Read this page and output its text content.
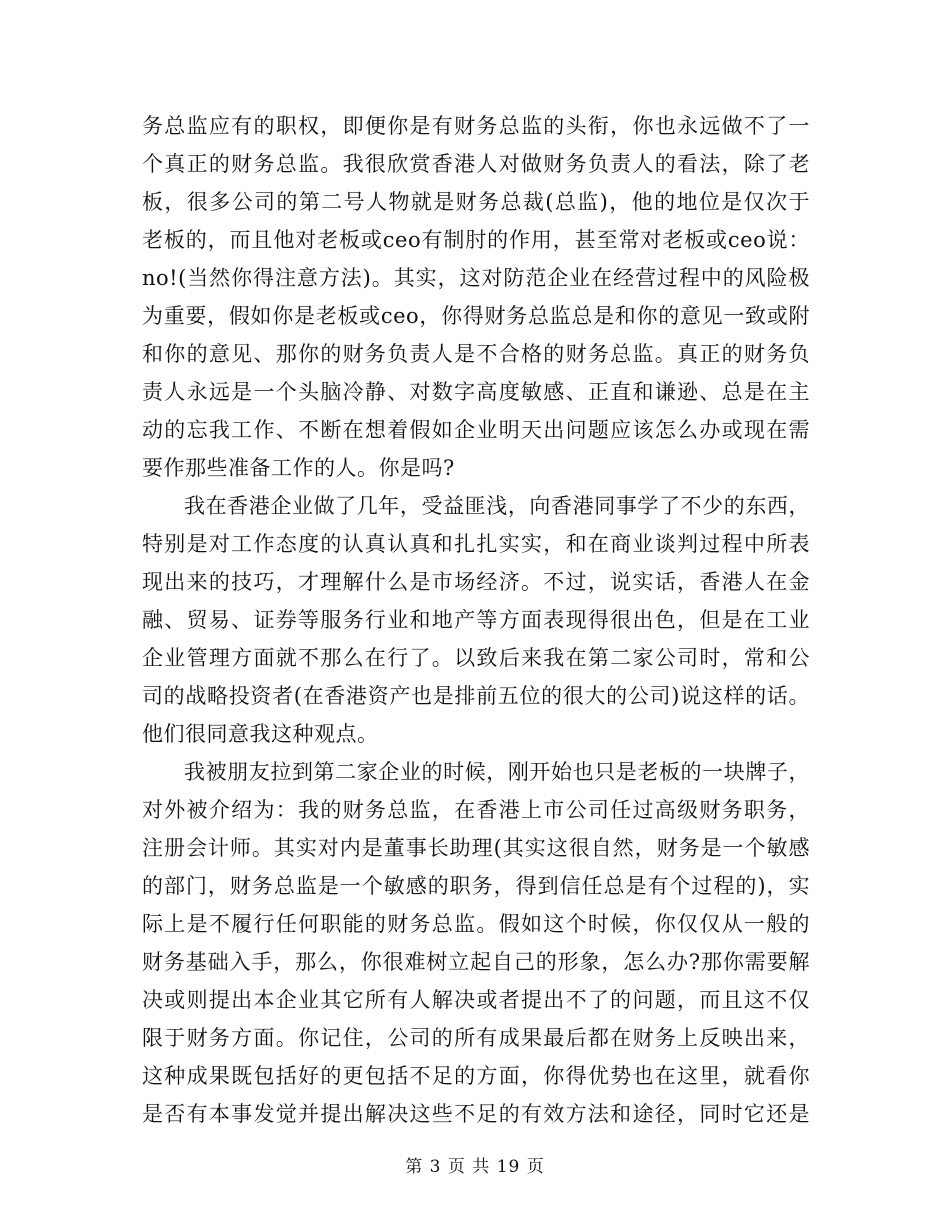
务总监应有的职权，即便你是有财务总监的头衔，你也永远做不了一
个真正的财务总监。我很欣赏香港人对做财务负责人的看法，除了老
板，很多公司的第二号人物就是财务总裁(总监)，他的地位是仅次于
老板的，而且他对老板或ceo有制肘的作用，甚至常对老板或ceo说：
no!(当然你得注意方法)。其实，这对防范企业在经营过程中的风险极
为重要，假如你是老板或ceo，你得财务总监总是和你的意见一致或附
和你的意见、那你的财务负责人是不合格的财务总监。真正的财务负
责人永远是一个头脑冷静、对数字高度敏感、正直和谦逊、总是在主
动的忘我工作、不断在想着假如企业明天出问题应该怎么办或现在需
要作那些准备工作的人。你是吗?
我在香港企业做了几年，受益匪浅，向香港同事学了不少的东西，
特别是对工作态度的认真认真和扎扎实实，和在商业谈判过程中所表
现出来的技巧，才理解什么是市场经济。不过，说实话，香港人在金
融、贸易、证券等服务行业和地产等方面表现得很出色，但是在工业
企业管理方面就不那么在行了。以致后来我在第二家公司时，常和公
司的战略投资者(在香港资产也是排前五位的很大的公司)说这样的话。
他们很同意我这种观点。
我被朋友拉到第二家企业的时候，刚开始也只是老板的一块牌子，
对外被介绍为：我的财务总监，在香港上市公司任过高级财务职务，
注册会计师。其实对内是董事长助理(其实这很自然，财务是一个敏感
的部门，财务总监是一个敏感的职务，得到信任总是有个过程的)，实
际上是不履行任何职能的财务总监。假如这个时候，你仅仅从一般的
财务基础入手，那么，你很难树立起自己的形象，怎么办?那你需要解
决或则提出本企业其它所有人解决或者提出不了的问题，而且这不仅
限于财务方面。你记住，公司的所有成果最后都在财务上反映出来，
这种成果既包括好的更包括不足的方面，你得优势也在这里，就看你
是否有本事发觉并提出解决这些不足的有效方法和途径，同时它还是
第 3 页 共 19 页
